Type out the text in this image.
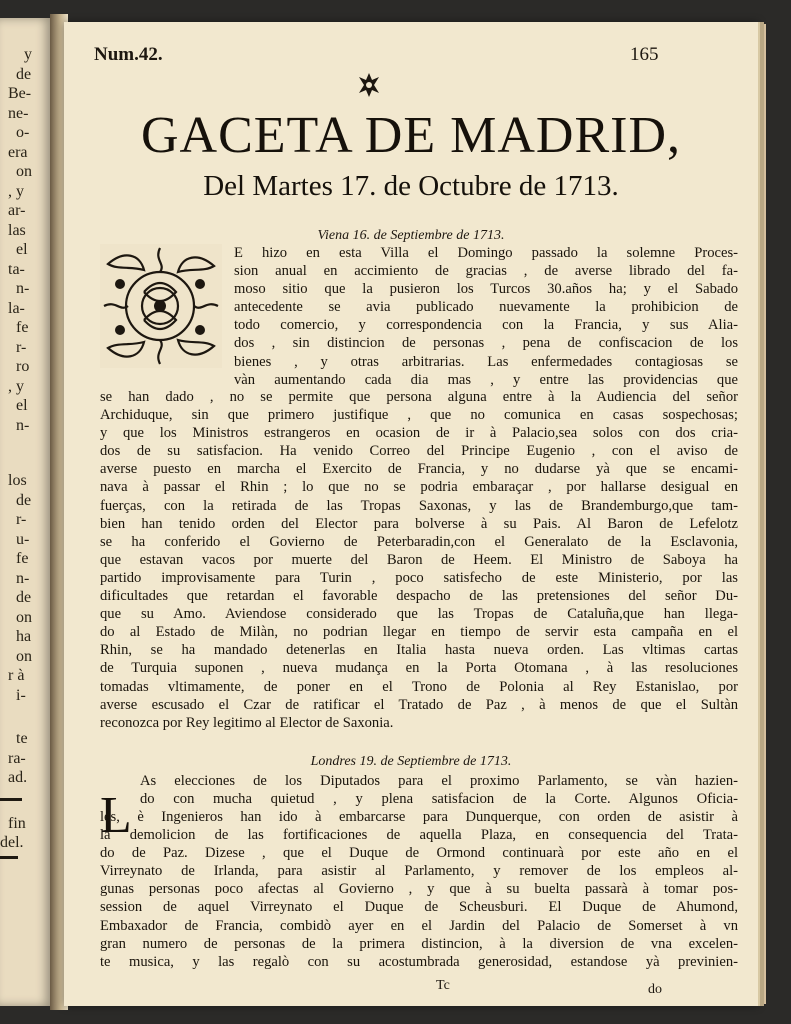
y
de
Be-
ne-
o-
era
on
, y
ar-
las
el
ta-
n-
la-
fe
r-
ro
, y
el
n-
los
de
r-
u-
fe
n-
de
on
ha
on
r à
i-
te
ra-
ad.
fin
del.
Num.42.	165
GACETA DE MADRID,
Del Martes 17. de Octubre de 1713.
Viena 16. de Septiembre de 1713.
E hizo en esta Villa el Domingo passado la solemne Proces-
sion anual en accimiento de gracias , de averse librado del fa-
moso sitio que la pusieron los Turcos 30.años ha; y el Sabado
antecedente se avia publicado nuevamente la prohibicion de
todo comercio, y correspondencia con la Francia, y sus Alia-
dos , sin distincion de personas , pena de confiscacion de los
bienes , y otras arbitrarias. Las enfermedades contagiosas se
vàn aumentando cada dia mas , y entre las providencias que
se han dado , no se permite que persona alguna entre à la Audiencia del señor
Archiduque, sin que primero justifique , que no comunica en casas sospechosas;
y que los Ministros estrangeros en ocasion de ir à Palacio,sea solos con dos cria-
dos de su satisfacion. Ha venido Correo del Principe Eugenio , con el aviso de
averse puesto en marcha el Exercito de Francia, y no dudarse yà que se encami-
nava à passar el Rhin ; lo que no se podria embaraçar , por hallarse desigual en
fuerças, con la retirada de las Tropas Saxonas, y las de Brandemburgo,que tam-
bien han tenido orden del Elector para bolverse à su Pais. Al Baron de Lefelotz
se ha conferido el Govierno de Peterbaradin,con el Generalato de la Esclavonia,
que estavan vacos por muerte del Baron de Heem. El Ministro de Saboya ha
partido improvisamente para Turin , poco satisfecho de este Ministerio, por las
dificultades que retardan el favorable despacho de las pretensiones del señor Du-
que su Amo. Aviendose considerado que las Tropas de Cataluña,que han llega-
do al Estado de Milàn, no podrian llegar en tiempo de servir esta campaña en el
Rhin, se ha mandado detenerlas en Italia hasta nueva orden. Las vltimas cartas
de Turquia suponen , nueva mudança en la Porta Otomana , à las resoluciones
tomadas vltimamente, de poner en el Trono de Polonia al Rey Estanislao, por
averse escusado el Czar de ratificar el Tratado de Paz , à menos de que el Sultàn
reconozca por Rey legitimo al Elector de Saxonia.
Londres 19. de Septiembre de 1713.
L
As elecciones de los Diputados para el proximo Parlamento, se vàn hazien-
do con mucha quietud , y plena satisfacion de la Corte. Algunos Oficia-
les, è Ingenieros han ido à embarcarse para Dunquerque, con orden de asistir à
la demolicion de las fortificaciones de aquella Plaza, en consequencia del Trata-
do de Paz. Dizese , que el Duque de Ormond continuarà por este año en el
Virreynato de Irlanda, para asistir al Parlamento, y remover de los empleos al-
gunas personas poco afectas al Govierno , y que à su buelta passarà à tomar pos-
session de aquel Virreynato el Duque de Scheusburi. El Duque de Ahumond,
Embaxador de Francia, combidò ayer en el Jardin del Palacio de Somerset à vn
gran numero de personas de la primera distincion, à la diversion de vna excelen-
te musica, y las regalò con su acostumbrada generosidad, estandose yà previnien-
Tc	do
